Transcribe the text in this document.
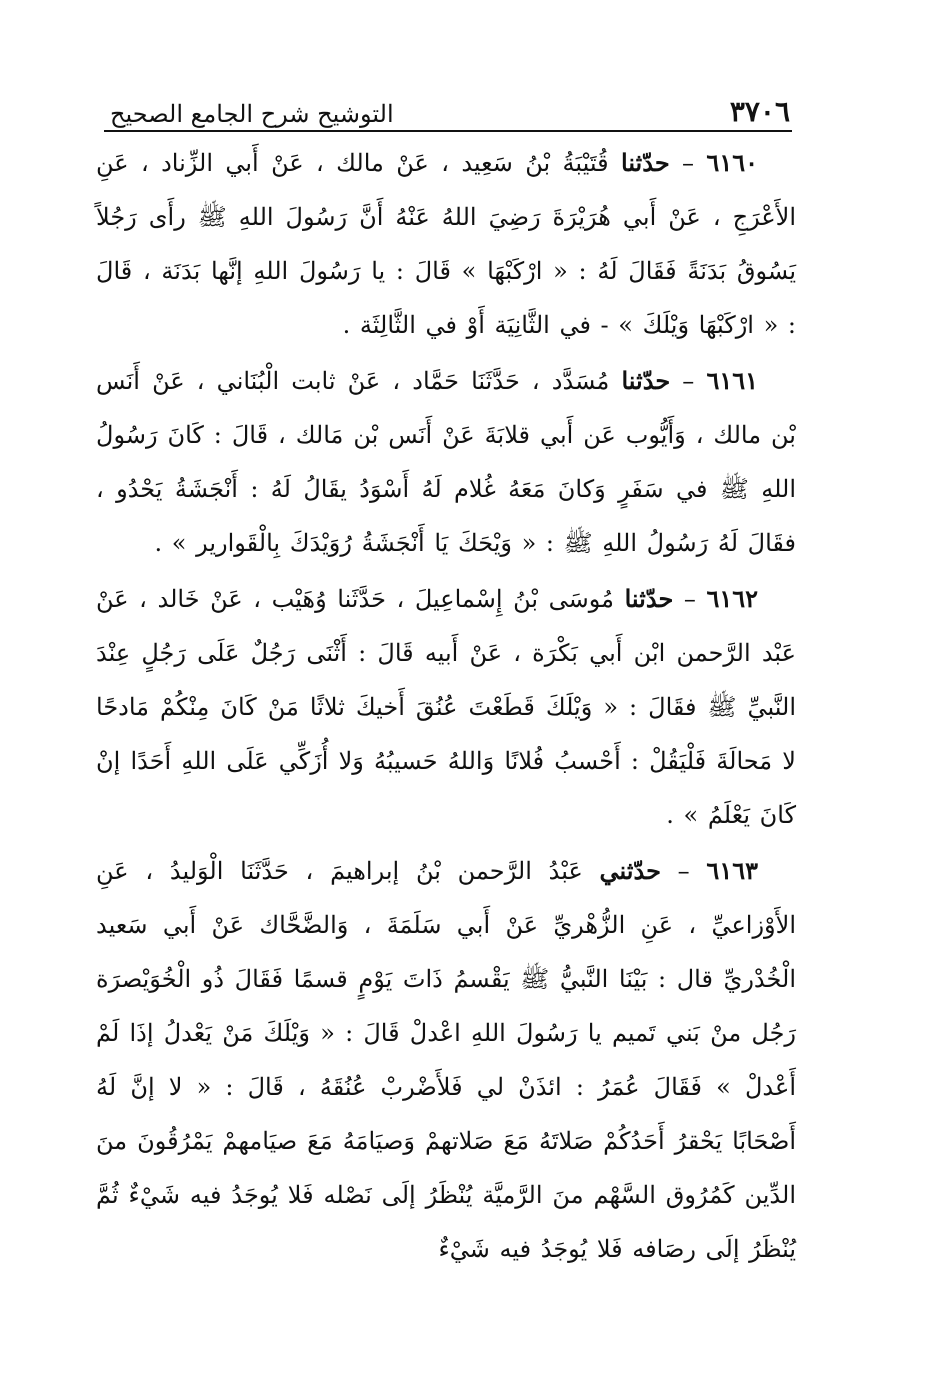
٣٧٠٦
التوشيح شرح الجامع الصحيح

٦١٦٠ – حدّثنا قُتَيْبَةُ بْنُ سَعِيد ، عَنْ مالك ، عَنْ أَبي الزِّناد ، عَنِ الأَعْرَجِ ، عَنْ أَبي هُرَيْرَةَ رَضِيَ اللهُ عَنْهُ أَنَّ رَسُولَ اللهِ ﷺ رأَى رَجُلاً يَسُوقُ بَدَنَةً فَقَالَ لَهُ : « ارْكَبْهَا » قَالَ : يا رَسُولَ اللهِ إنَّها بَدَنَة ، قَالَ : « ارْكَبْهَا وَيْلَكَ » - في الثَّانِيَة أَوْ في الثَّالِثَة .

٦١٦١ – حدّثنا مُسَدَّد ، حَدَّثَنَا حَمَّاد ، عَنْ ثابت الْبُنَاني ، عَنْ أَنَس بْن مالك ، وَأَيُّوب عَن أَبي قلابَةَ عَنْ أَنَس بْن مَالك ، قَالَ : كَانَ رَسُولُ اللهِ ﷺ في سَفَرٍ وَكانَ مَعَهُ غُلام لَهُ أَسْوَدُ يقَالُ لَهُ : أَنْجَشَةُ يَحْدُو ، فقَالَ لَهُ رَسُولُ اللهِ ﷺ : « وَيْحَكَ يَا أَنْجَشَةُ رُوَيْدَكَ بِالْقَوارير » .

٦١٦٢ – حدّثنا مُوسَى بْنُ إِسْماعِيلَ ، حَدَّثَنا وُهَيْب ، عَنْ خَالد ، عَنْ عَبْد الرَّحمن ابْن أَبي بَكْرَة ، عَنْ أَبيه قَالَ : أَثْنَى رَجُلٌ عَلَى رَجُلٍ عِنْدَ النَّبيِّ ﷺ فقَالَ : « وَيْلَكَ قَطَعْتَ عُنُقَ أَخيكَ ثلاثًا مَنْ كَانَ مِنْكُمْ مَادحًا لا مَحالَةَ فَلْيَقُلْ : أَحْسبُ فُلانًا وَاللهُ حَسيبُهُ وَلا أُزَكِّي عَلَى اللهِ أَحَدًا إنْ كَانَ يَعْلَمُ » .

٦١٦٣ – حدّثني عَبْدُ الرَّحمن بْنُ إبراهيمَ ، حَدَّثَنَا الْوَليدُ ، عَنِ الأَوْزاعيِّ ، عَنِ الزُّهْريِّ عَنْ أَبي سَلَمَةَ ، وَالضَّحَّاك عَنْ أَبي سَعيد الْخُدْريِّ قال : بَيْنَا النَّبيُّ ﷺ يَقْسمُ ذَاتَ يَوْمٍ قسمًا فَقَالَ ذُو الْخُوَيْصرَة رَجُل منْ بَني تَميم يا رَسُولَ اللهِ اعْدلْ قَالَ : « وَيْلَكَ مَنْ يَعْدلُ إذَا لَمْ أَعْدلْ » فَقَالَ عُمَرُ : ائذَنْ لي فَلأَضْربْ عُنُقَهُ ، قَالَ : « لا إنَّ لَهُ أَصْحَابًا يَحْقرُ أَحَدُكُمْ صَلاتَهُ مَعَ صَلاتهمْ وَصيَامَهُ مَعَ صيَامهمْ يَمْرُقُونَ منَ الدِّين كَمُرُوق السَّهْم منَ الرَّميَّة يُنْظَرُ إلَى نَصْله فَلا يُوجَدُ فيه شَيْءٌ ثُمَّ يُنْظَرُ إلَى رصَافه فَلا يُوجَدُ فيه شَيْءٌ
